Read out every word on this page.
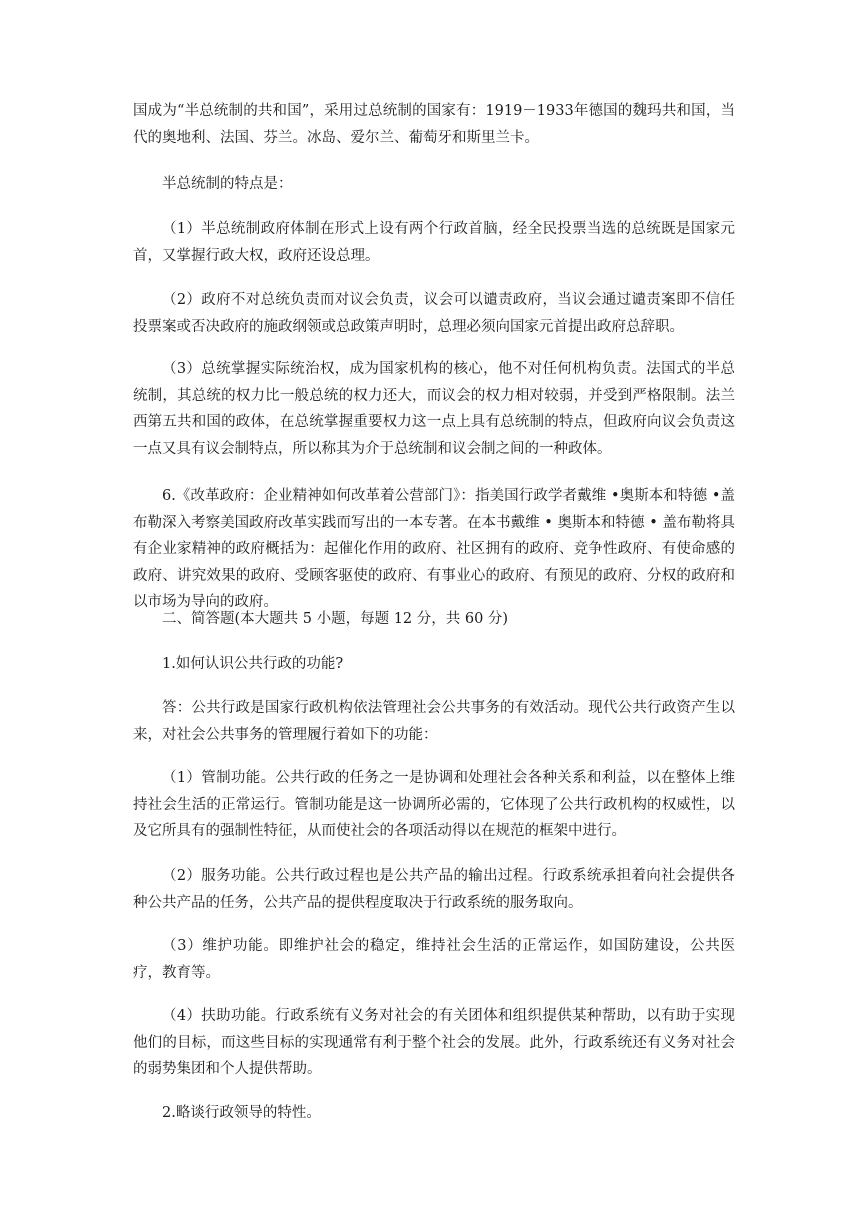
国成为“半总统制的共和国”，采用过总统制的国家有：1919－1933年德国的魏玛共和国，当代的奥地利、法国、芬兰。冰岛、爱尔兰、葡萄牙和斯里兰卡。

半总统制的特点是：

（1）半总统制政府体制在形式上设有两个行政首脑，经全民投票当选的总统既是国家元首，又掌握行政大权，政府还设总理。

（2）政府不对总统负责而对议会负责，议会可以谴责政府，当议会通过谴责案即不信任投票案或否决政府的施政纲领或总政策声明时，总理必须向国家元首提出政府总辞职。

（3）总统掌握实际统治权，成为国家机构的核心，他不对任何机构负责。法国式的半总统制，其总统的权力比一般总统的权力还大，而议会的权力相对较弱，并受到严格限制。法兰西第五共和国的政体，在总统掌握重要权力这一点上具有总统制的特点，但政府向议会负责这一点又具有议会制特点，所以称其为介于总统制和议会制之间的一种政体。

6.《改革政府：企业精神如何改革着公营部门》：指美国行政学者戴维 •奥斯本和特德 •盖布勒深入考察美国政府改革实践而写出的一本专著。在本书戴维 • 奥斯本和特德 • 盖布勒将具有企业家精神的政府概括为：起催化作用的政府、社区拥有的政府、竞争性政府、有使命感的政府、讲究效果的政府、受顾客驱使的政府、有事业心的政府、有预见的政府、分权的政府和以市场为导向的政府。

二、简答题(本大题共 5 小题，每题 12 分，共 60 分)

1.如何认识公共行政的功能?

答：公共行政是国家行政机构依法管理社会公共事务的有效活动。现代公共行政资产生以来，对社会公共事务的管理履行着如下的功能：

（1）管制功能。公共行政的任务之一是协调和处理社会各种关系和利益，以在整体上维持社会生活的正常运行。管制功能是这一协调所必需的，它体现了公共行政机构的权威性，以及它所具有的强制性特征，从而使社会的各项活动得以在规范的框架中进行。

（2）服务功能。公共行政过程也是公共产品的输出过程。行政系统承担着向社会提供各种公共产品的任务，公共产品的提供程度取决于行政系统的服务取向。

（3）维护功能。即维护社会的稳定，维持社会生活的正常运作，如国防建设，公共医疗，教育等。

（4）扶助功能。行政系统有义务对社会的有关团体和组织提供某种帮助，以有助于实现他们的目标，而这些目标的实现通常有利于整个社会的发展。此外，行政系统还有义务对社会的弱势集团和个人提供帮助。

2.略谈行政领导的特性。
